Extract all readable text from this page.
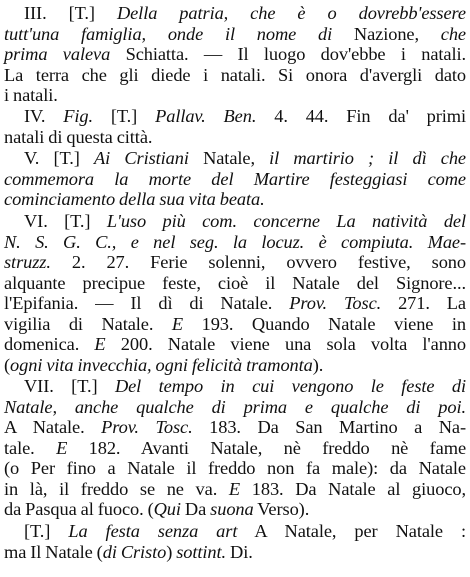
III. [T.] Della patria, che è o dovrebb'essere
tutt'una famiglia, onde il nome di Nazione, che
prima valeva Schiatta. — Il luogo dov'ebbe i natali.
La terra che gli diede i natali. Si onora d'avergli dato
i natali.
IV. Fig. [T.] Pallav. Ben. 4. 44. Fin da' primi
natali di questa città.
V. [T.] Ai Cristiani Natale, il martirio ; il dì che
commemora la morte del Martire festeggiasi come
cominciamento della sua vita beata.
VI. [T.] L'uso più com. concerne La natività del
N. S. G. C., e nel seg. la locuz. è compiuta. Mae-
struzz. 2. 27. Ferie solenni, ovvero festive, sono
alquante precipue feste, cioè il Natale del Signore...
l'Epifania. — Il dì di Natale. Prov. Tosc. 271. La
vigilia di Natale. E 193. Quando Natale viene in
domenica. E 200. Natale viene una sola volta l'anno
(ogni vita invecchia, ogni felicità tramonta).
VII. [T.] Del tempo in cui vengono le feste di
Natale, anche qualche di prima e qualche di poi.
A Natale. Prov. Tosc. 183. Da San Martino a Na-
tale. E 182. Avanti Natale, nè freddo nè fame
(o Per fino a Natale il freddo non fa male): da Natale
in là, il freddo se ne va. E 183. Da Natale al giuoco,
da Pasqua al fuoco. (Qui Da suona Verso).
[T.] La festa senza art A Natale, per Natale :
ma Il Natale (di Cristo) sottint. Di.
